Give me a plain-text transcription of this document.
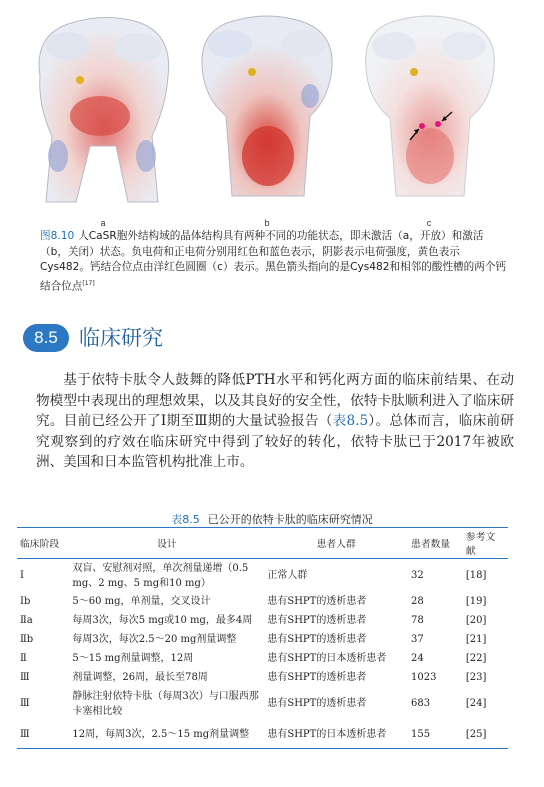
a	b	c
图8.10 人CaSR胞外结构域的晶体结构具有两种不同的功能状态，即未激活（a，开放）和激活（b，关闭）状态。负电荷和正电荷分别用红色和蓝色表示，阴影表示电荷强度，黄色表示Cys482。钙结合位点由洋红色圆圈（c）表示。黑色箭头指向的是Cys482和相邻的酸性槽的两个钙结合位点[17]
8.5	临床研究
基于依特卡肽令人鼓舞的降低PTH水平和钙化两方面的临床前结果、在动物模型中表现出的理想效果，以及其良好的安全性，依特卡肽顺利进入了临床研究。目前已经公开了Ⅰ期至Ⅲ期的大量试验报告（表8.5）。总体而言，临床前研究观察到的疗效在临床研究中得到了较好的转化，依特卡肽已于2017年被欧洲、美国和日本监管机构批准上市。
表8.5 已公开的依特卡肽的临床研究情况
临床阶段	设计	患者人群	患者数量	参考文献
Ⅰ	双盲、安慰剂对照，单次剂量递增（0.5 mg、2 mg、5 mg和10 mg）	正常人群	32	[18]
Ⅰb	5～60 mg，单剂量，交叉设计	患有SHPT的透析患者	28	[19]
Ⅱa	每周3次，每次5 mg或10 mg，最多4周	患有SHPT的透析患者	78	[20]
Ⅱb	每周3次，每次2.5～20 mg剂量调整	患有SHPT的透析患者	37	[21]
Ⅱ	5～15 mg剂量调整，12周	患有SHPT的日本透析患者	24	[22]
Ⅲ	剂量调整，26周，最长至78周	患有SHPT的透析患者	1023	[23]
Ⅲ	静脉注射依特卡肽（每周3次）与口服西那卡塞相比较	患有SHPT的透析患者	683	[24]
Ⅲ	12周，每周3次，2.5～15 mg剂量调整	患有SHPT的日本透析患者	155	[25]
